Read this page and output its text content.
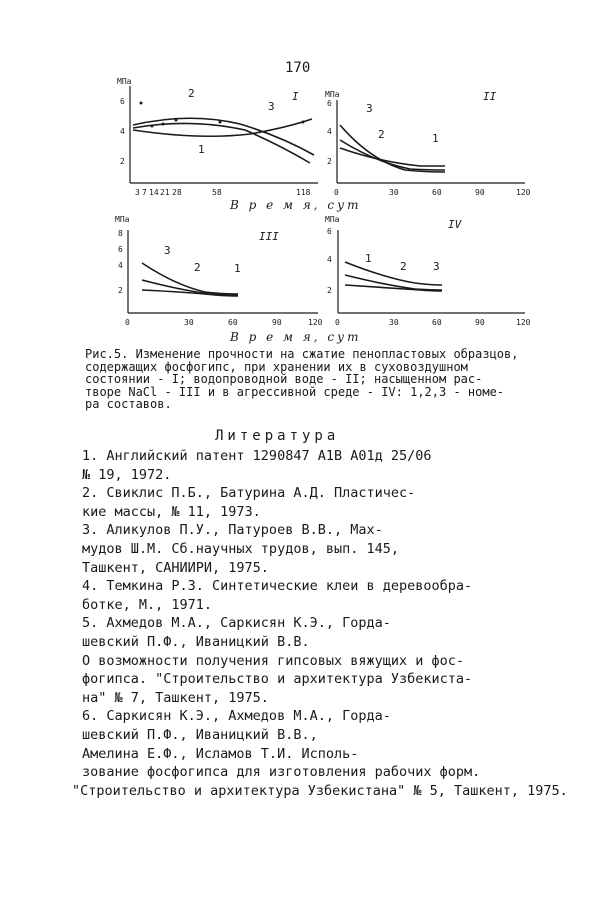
170
МПа
МПа
МПа	МПа
I	II
III
IV
2
4
6
3 7 14 21 28	58	118
2
4
6
0	30	60	90	120
2
4
6
8
0	30	60	90	120
2
4
6
0	30	60	90	120
1
2
3
1
2
3
1
2
3
1
2 3
В р е м я, сут
В р е м я, сут
Рис.5. Изменение прочности на сжатие пенопластовых образцов,
содержащих фосфогипс, при хранении их в суховоздушном
состоянии - I; водопроводной воде - II; насыщенном рас-
творе NaCl - III и в агрессивной среде - IV: 1,2,3 - номе-
ра составов.
Литература
1. Английский патент 1290847 А1В А01д 25/06
№ 19, 1972.
2. Свиклис П.Б., Батурина А.Д. Пластичес-
кие массы, № 11, 1973.
3. Аликулов П.У., Патуроев В.В., Мах-
мудов Ш.М. Сб.научных трудов, вып. 145,
Ташкент, САНИИРИ, 1975.
4. Темкина Р.З. Синтетические клеи в деревообра-
ботке, М., 1971.
5. Ахмедов М.А., Саркисян К.Э., Горда-
шевский П.Ф., Иваницкий В.В.
О возможности получения гипсовых вяжущих и фос-
фогипса. "Строительство и архитектура Узбекиста-
на" № 7, Ташкент, 1975.
6. Саркисян К.Э., Ахмедов М.А., Горда-
шевский П.Ф., Иваницкий В.В.,
Амелина Е.Ф., Исламов Т.И. Исполь-
зование фосфогипса для изготовления рабочих форм.
"Строительство и архитектура Узбекистана" № 5, Ташкент, 1975.
